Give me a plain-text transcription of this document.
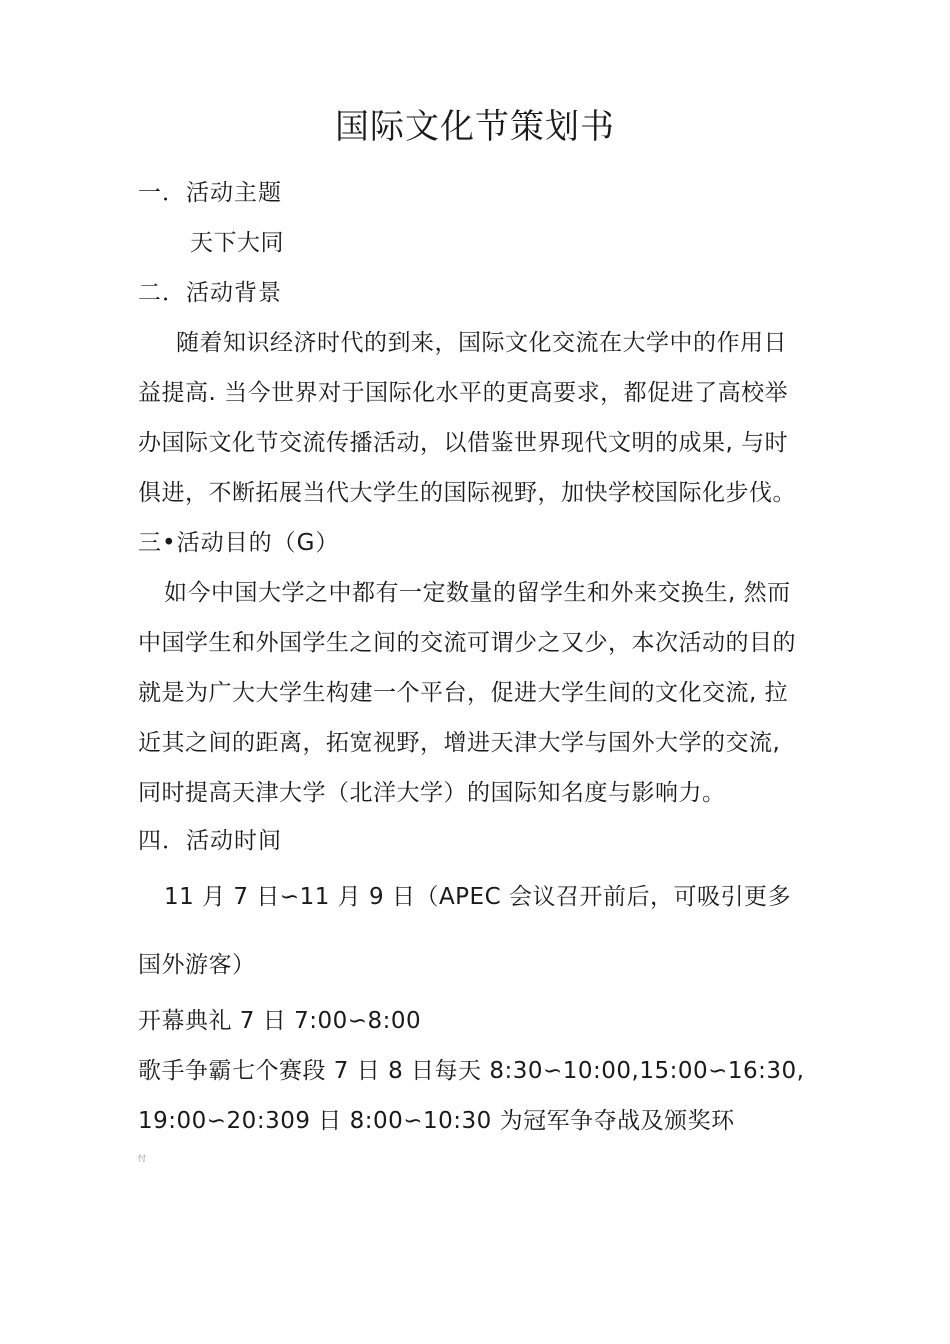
国际文化节策划书
一．活动主题
天下大同
二．活动背景
随着知识经济时代的到来，国际文化交流在大学中的作用日
益提高. 当今世界对于国际化水平的更高要求，都促进了高校举
办国际文化节交流传播活动，以借鉴世界现代文明的成果, 与时
俱进，不断拓展当代大学生的国际视野，加快学校国际化步伐。
三•活动目的（G）
如今中国大学之中都有一定数量的留学生和外来交换生, 然而
中国学生和外国学生之间的交流可谓少之又少，本次活动的目的
就是为广大大学生构建一个平台，促进大学生间的文化交流, 拉
近其之间的距离，拓宽视野，增进天津大学与国外大学的交流,
同时提高天津大学（北洋大学）的国际知名度与影响力。
四．活动时间
11 月 7 日∽11 月 9 日（APEC 会议召开前后，可吸引更多
国外游客）
开幕典礼 7 日 7:00∽8:00
歌手争霸七个赛段 7 日 8 日每天 8:30∽10:00,15:00∽16:30,
19:00∽20:309 日 8:00∽10:30 为冠军争夺战及颁奖环
忖
